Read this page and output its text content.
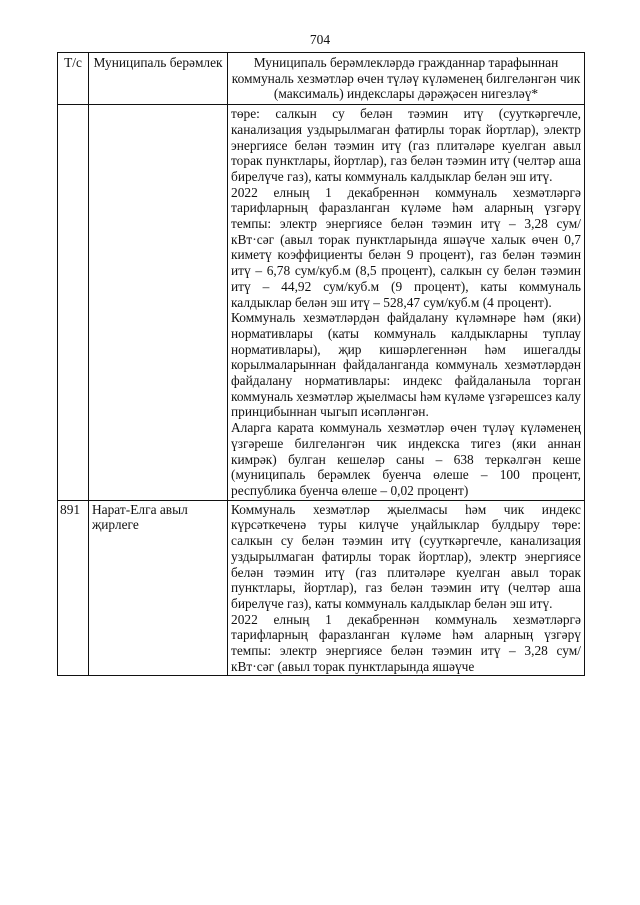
704
Т/с	Муниципаль берәмлек	Муниципаль берәмлекләрдә гражданнар тарафыннан коммуналь хезмәтләр өчен түләү күләменең билгеләнгән чик (максималь) индекслары дәрәҗәсен нигезләү*

		төре: салкын су белән тәэмин итү (сууткәргечле, канализация уздырылмаган фатирлы торак йортлар), электр энергиясе белән тәэмин итү (газ плитәләре куелган авыл торак пунктлары, йортлар), газ белән тәэмин итү (челтәр аша бирелүче газ), каты коммуналь калдыклар белән эш итү.

2022 елның 1 декабреннән коммуналь хезмәтләргә тарифларның фаразланган күләме һәм аларның үзгәрү темпы: электр энергиясе белән тәэмин итү – 3,28 сум/кВт·сәг (авыл торак пунктларында яшәүче халык өчен 0,7 киметү коэффициенты белән 9 процент), газ белән тәэмин итү – 6,78 сум/куб.м (8,5 процент), салкын су белән тәэмин итү – 44,92 сум/куб.м (9 процент), каты коммуналь калдыклар белән эш итү – 528,47 сум/куб.м (4 процент).

Коммуналь хезмәтләрдән файдалану күләмнәре һәм (яки) нормативлары (каты коммуналь калдыкларны туплау нормативлары), җир кишәрлегеннән һәм ишегалды корылмаларыннан файдаланганда коммуналь хезмәтләрдән файдалану нормативлары: индекс файдаланыла торган коммуналь хезмәтләр җыелмасы һәм күләме үзгәрешсез калу принцибыннан чыгып исәпләнгән.

Аларга карата коммуналь хезмәтләр өчен түләү күләменең үзгәреше билгеләнгән чик индекска тигез (яки аннан кимрәк) булган кешеләр саны – 638 теркәлгән кеше (муниципаль берәмлек буенча өлеше – 100 процент, республика буенча өлеше – 0,02 процент)

891	Нарат-Елга авыл җирлеге	Коммуналь хезмәтләр җыелмасы һәм чик индекс күрсәткеченә туры килүче уңайлыклар булдыру төре: салкын су белән тәэмин итү (сууткәргечле, канализация уздырылмаган фатирлы торак йортлар), электр энергиясе белән тәэмин итү (газ плитәләре куелган авыл торак пунктлары, йортлар), газ белән тәэмин итү (челтәр аша бирелүче газ), каты коммуналь калдыклар белән эш итү.

2022 елның 1 декабреннән коммуналь хезмәтләргә тарифларның фаразланган күләме һәм аларның үзгәрү темпы: электр энергиясе белән тәэмин итү – 3,28 сум/кВт·сәг (авыл торак пунктларында яшәүче
